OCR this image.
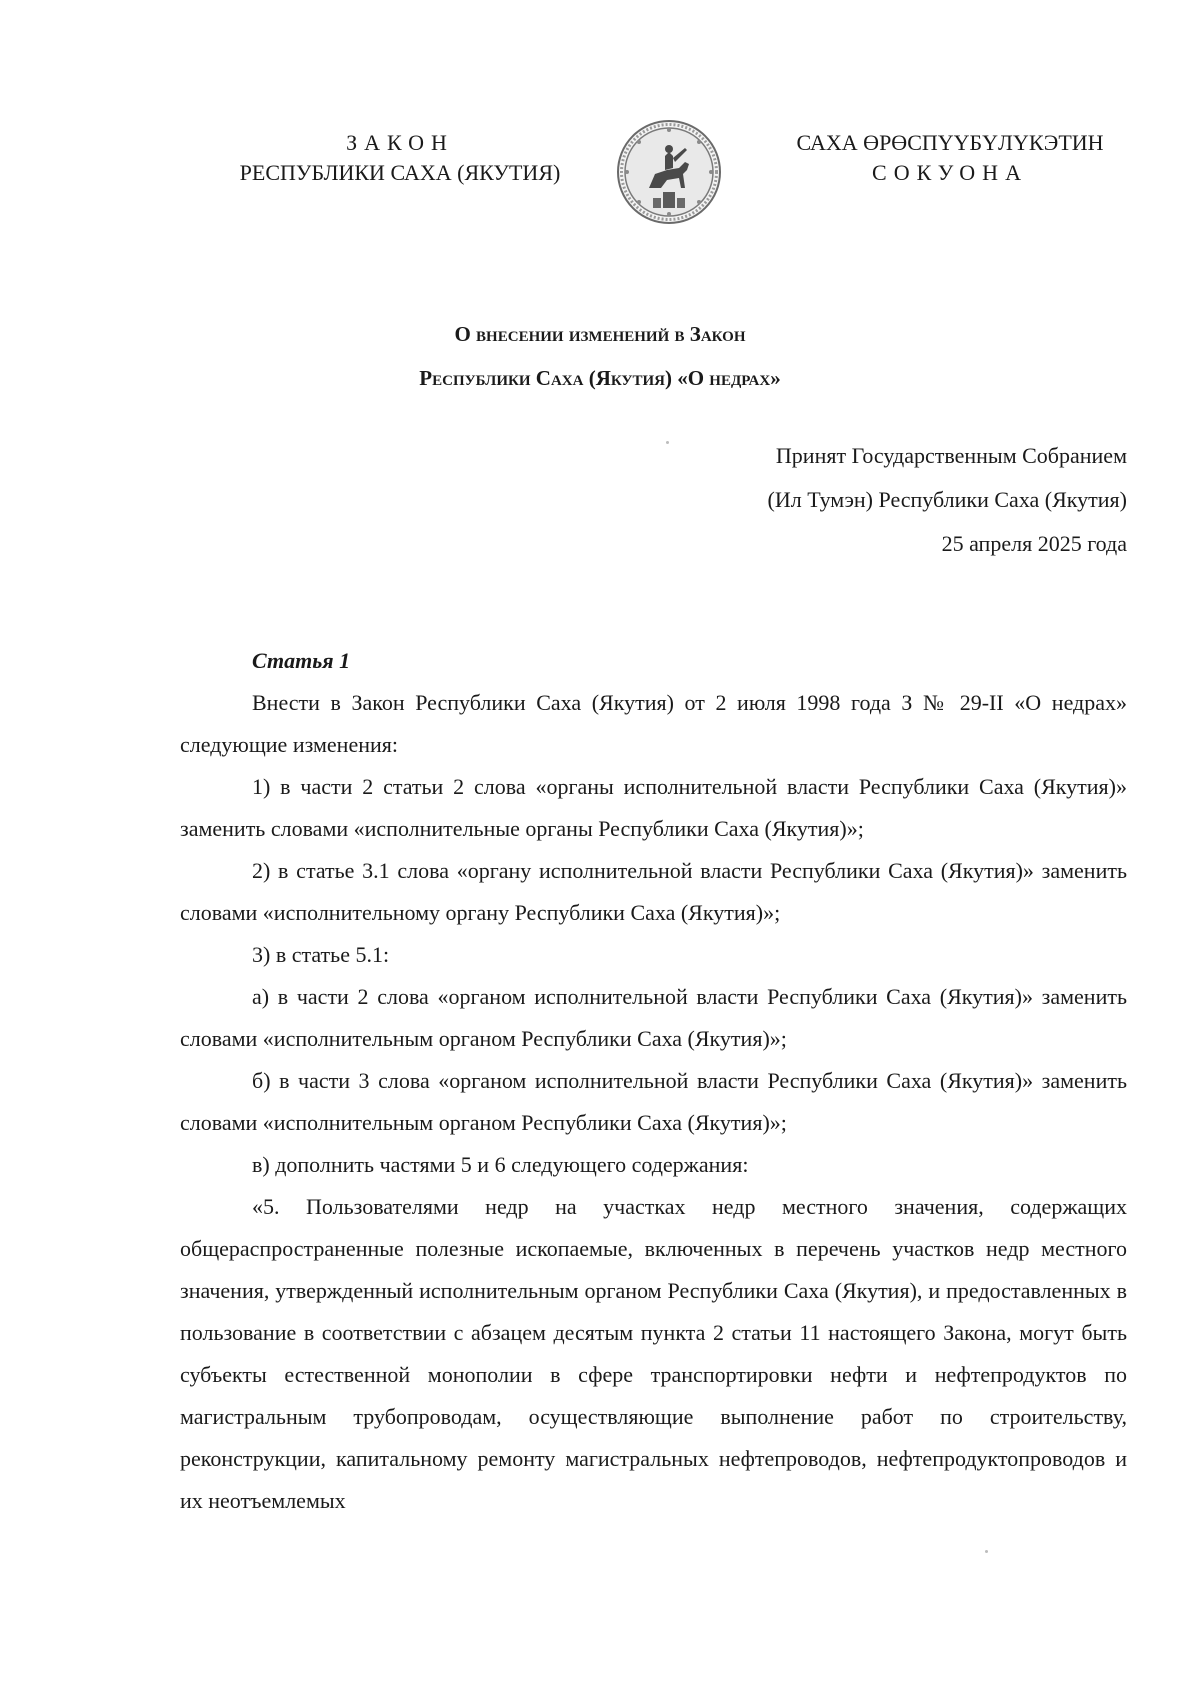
ЗАКОН
РЕСПУБЛИКИ САХА (ЯКУТИЯ)
САХА ӨРӨСПҮҮБҮЛҮКЭТИН
СОКУОНА
О внесении изменений в Закон
Республики Саха (Якутия) «О недрах»
Принят Государственным Собранием
(Ил Тумэн) Республики Саха (Якутия)
25 апреля 2025 года

Статья 1

Внести в Закон Республики Саха (Якутия) от 2 июля 1998 года З № 29-II «О недрах» следующие изменения:

1) в части 2 статьи 2 слова «органы исполнительной власти Республики Саха (Якутия)» заменить словами «исполнительные органы Республики Саха (Якутия)»;

2) в статье 3.1 слова «органу исполнительной власти Республики Саха (Якутия)» заменить словами «исполнительному органу Республики Саха (Якутия)»;

3) в статье 5.1:

а) в части 2 слова «органом исполнительной власти Республики Саха (Якутия)» заменить словами «исполнительным органом Республики Саха (Якутия)»;

б) в части 3 слова «органом исполнительной власти Республики Саха (Якутия)» заменить словами «исполнительным органом Республики Саха (Якутия)»;

в) дополнить частями 5 и 6 следующего содержания:

«5. Пользователями недр на участках недр местного значения, содержащих общераспространенные полезные ископаемые, включенных в перечень участков недр местного значения, утвержденный исполнительным органом Республики Саха (Якутия), и предоставленных в пользование в соответствии с абзацем десятым пункта 2 статьи 11 настоящего Закона, могут быть субъекты естественной монополии в сфере транспортировки нефти и нефтепродуктов по магистральным трубопроводам, осуществляющие выполнение работ по строительству, реконструкции, капитальному ремонту магистральных нефтепроводов, нефтепродуктопроводов и их неотъемлемых
